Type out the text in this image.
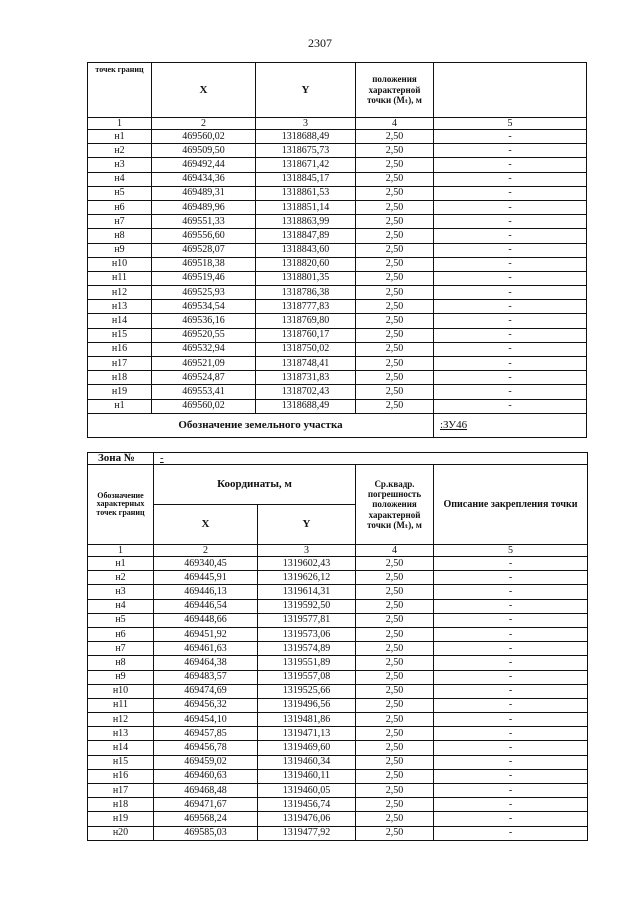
2307
точек границ	X	Y	положения характерной точки (Mₜ), м	
1	2	3	4	5
н1	469560,02	1318688,49	2,50	-
н2	469509,50	1318675,73	2,50	-
н3	469492,44	1318671,42	2,50	-
н4	469434,36	1318845,17	2,50	-
н5	469489,31	1318861,53	2,50	-
н6	469489,96	1318851,14	2,50	-
н7	469551,33	1318863,99	2,50	-
н8	469556,60	1318847,89	2,50	-
н9	469528,07	1318843,60	2,50	-
н10	469518,38	1318820,60	2,50	-
н11	469519,46	1318801,35	2,50	-
н12	469525,93	1318786,38	2,50	-
н13	469534,54	1318777,83	2,50	-
н14	469536,16	1318769,80	2,50	-
н15	469520,55	1318760,17	2,50	-
н16	469532,94	1318750,02	2,50	-
н17	469521,09	1318748,41	2,50	-
н18	469524,87	1318731,83	2,50	-
н19	469553,41	1318702,43	2,50	-
н1	469560,02	1318688,49	2,50	-
Обозначение земельного участка				:ЗУ46
Зона №	-			
Обозначение характерных точек границ	Координаты, м		Ср.квадр. погрешность положения характерной точки (Mₜ), м	Описание закрепления точки
	X	Y		
1	2	3	4	5
н1	469340,45	1319602,43	2,50	-
н2	469445,91	1319626,12	2,50	-
н3	469446,13	1319614,31	2,50	-
н4	469446,54	1319592,50	2,50	-
н5	469448,66	1319577,81	2,50	-
н6	469451,92	1319573,06	2,50	-
н7	469461,63	1319574,89	2,50	-
н8	469464,38	1319551,89	2,50	-
н9	469483,57	1319557,08	2,50	-
н10	469474,69	1319525,66	2,50	-
н11	469456,32	1319496,56	2,50	-
н12	469454,10	1319481,86	2,50	-
н13	469457,85	1319471,13	2,50	-
н14	469456,78	1319469,60	2,50	-
н15	469459,02	1319460,34	2,50	-
н16	469460,63	1319460,11	2,50	-
н17	469468,48	1319460,05	2,50	-
н18	469471,67	1319456,74	2,50	-
н19	469568,24	1319476,06	2,50	-
н20	469585,03	1319477,92	2,50	-
